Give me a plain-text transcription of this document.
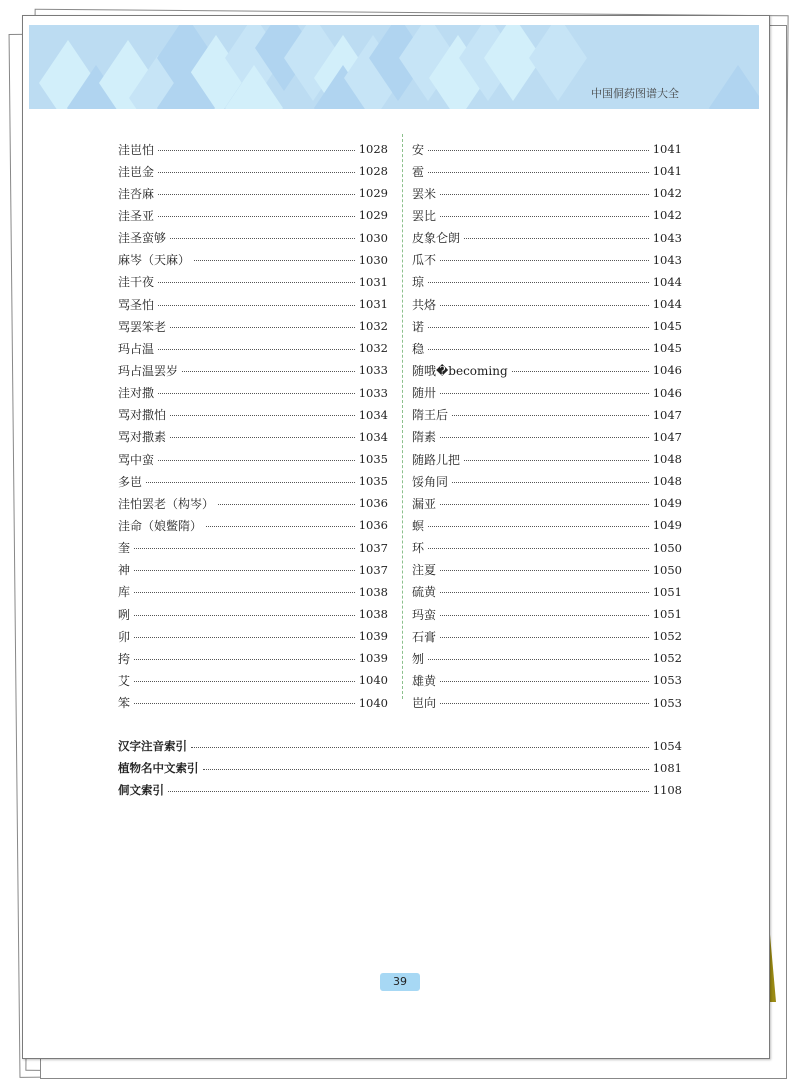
中国侗药图谱大全
洼岜怕	1028
洼岜金	1028
洼呇麻	1029
洼圣亚	1029
洼圣蛮够	1030
麻岑（天麻）	1030
洼干夜	1031
骂圣怕	1031
骂罢笨老	1032
玛占温	1032
玛占温罢岁	1033
洼对撒	1033
骂对撒怕	1034
骂对撒素	1034
骂中蛮	1035
多岜	1035
洼怕罢老（构岑）	1036
洼命（娘鳖隋）	1036
奎	1037
神	1037
库	1038
咧	1038
卯	1039
挎	1039
艾	1040
笨	1040
安	1041
雹	1041
罢米	1042
罢比	1042
皮象仑朗	1043
瓜不	1043
琼	1044
共烙	1044
诺	1045
稳	1045
随哦�becoming	1046
随卅	1046
隋王后	1047
隋素	1047
随路儿把	1048
馁角同	1048
漏亚	1049
螟	1049
环	1050
注夏	1050
硫黄	1051
玛蛮	1051
石膏	1052
刎	1052
雄黄	1053
岜向	1053
汉字注音索引	1054
植物名中文索引	1081
侗文索引	1108
39
